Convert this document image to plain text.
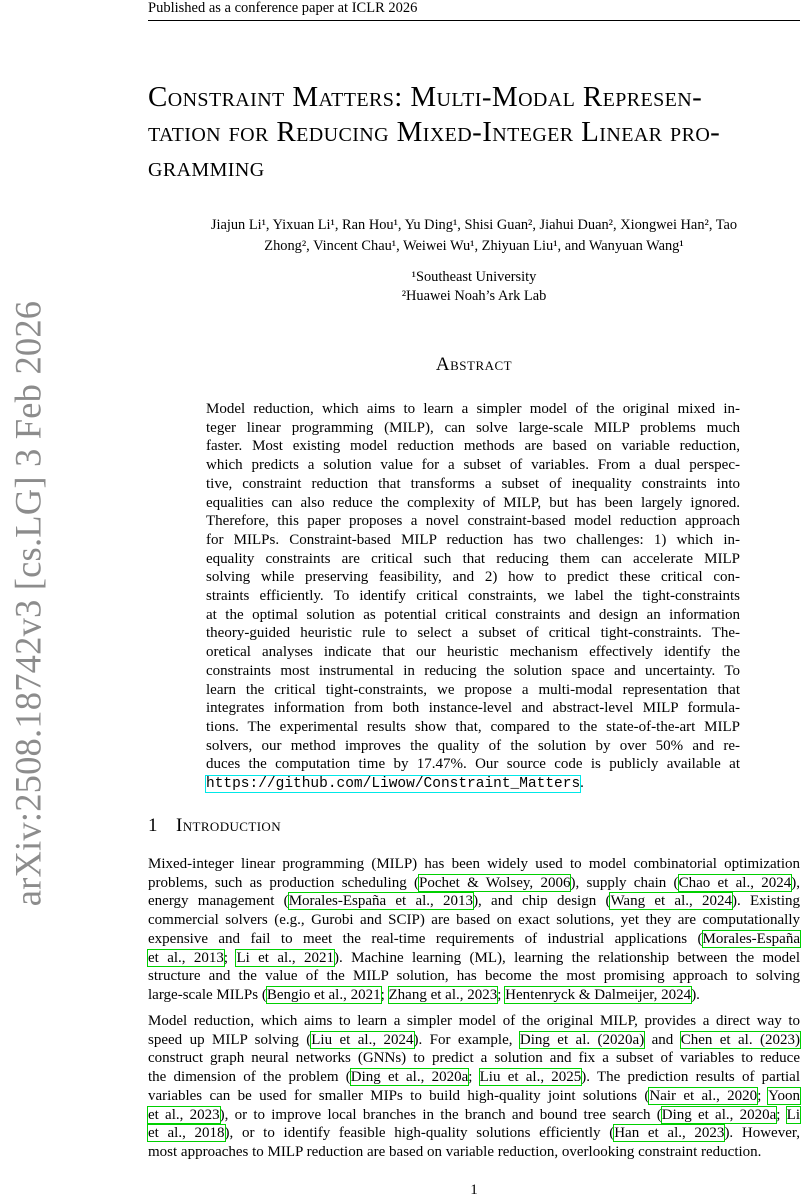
Published as a conference paper at ICLR 2026
arXiv:2508.18742v3 [cs.LG] 3 Feb 2026
Constraint Matters: Multi-Modal Represen-
tation for Reducing Mixed-Integer Linear pro-
gramming
Jiajun Li¹, Yixuan Li¹, Ran Hou¹, Yu Ding¹, Shisi Guan², Jiahui Duan², Xiongwei Han², Tao
Zhong², Vincent Chau¹, Weiwei Wu¹, Zhiyuan Liu¹, and Wanyuan Wang¹
¹Southeast University
²Huawei Noah’s Ark Lab
Abstract
Model reduction, which aims to learn a simpler model of the original mixed in-
teger linear programming (MILP), can solve large-scale MILP problems much
faster. Most existing model reduction methods are based on variable reduction,
which predicts a solution value for a subset of variables. From a dual perspec-
tive, constraint reduction that transforms a subset of inequality constraints into
equalities can also reduce the complexity of MILP, but has been largely ignored.
Therefore, this paper proposes a novel constraint-based model reduction approach
for MILPs. Constraint-based MILP reduction has two challenges: 1) which in-
equality constraints are critical such that reducing them can accelerate MILP
solving while preserving feasibility, and 2) how to predict these critical con-
straints efficiently. To identify critical constraints, we label the tight-constraints
at the optimal solution as potential critical constraints and design an information
theory-guided heuristic rule to select a subset of critical tight-constraints. The-
oretical analyses indicate that our heuristic mechanism effectively identify the
constraints most instrumental in reducing the solution space and uncertainty. To
learn the critical tight-constraints, we propose a multi-modal representation that
integrates information from both instance-level and abstract-level MILP formula-
tions. The experimental results show that, compared to the state-of-the-art MILP
solvers, our method improves the quality of the solution by over 50% and re-
duces the computation time by 17.47%. Our source code is publicly available at
https://github.com/Liwow/Constraint_Matters.
1 Introduction
Mixed-integer linear programming (MILP) has been widely used to model combinatorial optimization
problems, such as production scheduling (Pochet & Wolsey, 2006), supply chain (Chao et al., 2024),
energy management (Morales-España et al., 2013), and chip design (Wang et al., 2024). Existing
commercial solvers (e.g., Gurobi and SCIP) are based on exact solutions, yet they are computationally
expensive and fail to meet the real-time requirements of industrial applications (Morales-España
et al., 2013; Li et al., 2021). Machine learning (ML), learning the relationship between the model
structure and the value of the MILP solution, has become the most promising approach to solving
large-scale MILPs (Bengio et al., 2021; Zhang et al., 2023; Hentenryck & Dalmeijer, 2024).
Model reduction, which aims to learn a simpler model of the original MILP, provides a direct way to
speed up MILP solving (Liu et al., 2024). For example, Ding et al. (2020a) and Chen et al. (2023)
construct graph neural networks (GNNs) to predict a solution and fix a subset of variables to reduce
the dimension of the problem (Ding et al., 2020a; Liu et al., 2025). The prediction results of partial
variables can be used for smaller MIPs to build high-quality joint solutions (Nair et al., 2020; Yoon
et al., 2023), or to improve local branches in the branch and bound tree search (Ding et al., 2020a; Li
et al., 2018), or to identify feasible high-quality solutions efficiently (Han et al., 2023). However,
most approaches to MILP reduction are based on variable reduction, overlooking constraint reduction.
1
